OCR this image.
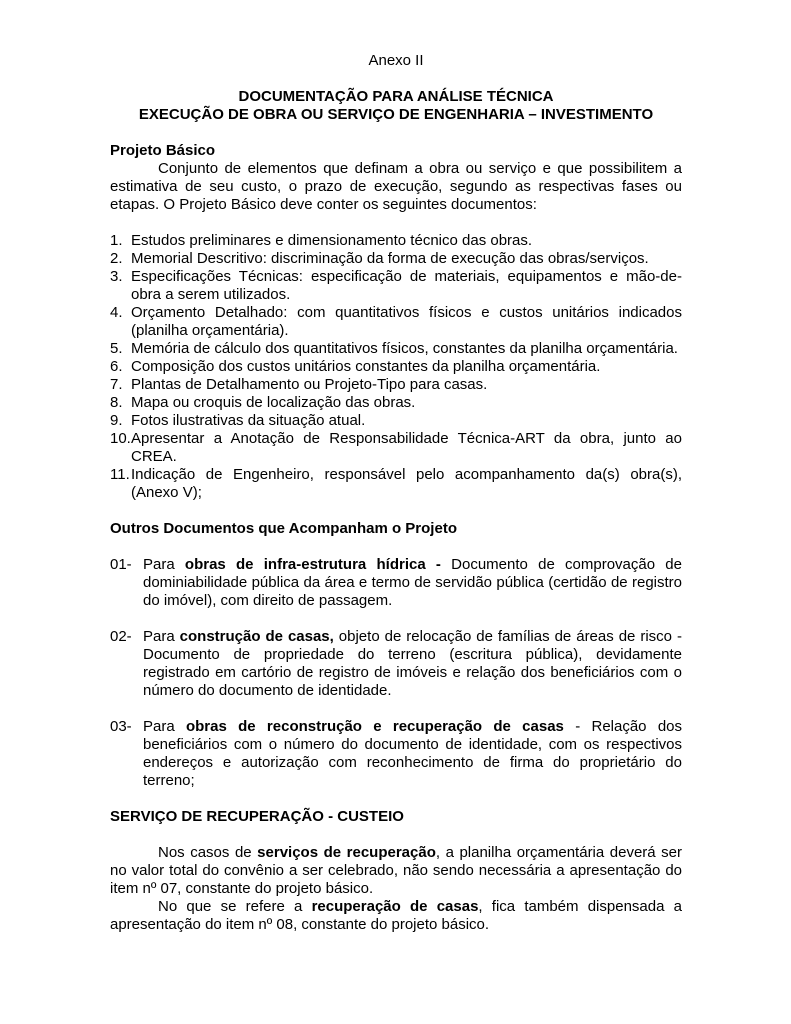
Anexo II
DOCUMENTAÇÃO PARA ANÁLISE TÉCNICA
EXECUÇÃO DE OBRA OU SERVIÇO DE ENGENHARIA – INVESTIMENTO
Projeto Básico
Conjunto de elementos que definam a obra ou serviço e que possibilitem a estimativa de seu custo, o prazo de execução, segundo as respectivas fases ou etapas. O Projeto Básico deve conter os seguintes documentos:
1. Estudos preliminares e dimensionamento técnico das obras.
2. Memorial Descritivo: discriminação da forma de execução das obras/serviços.
3. Especificações Técnicas: especificação de materiais, equipamentos e mão-de-obra a serem utilizados.
4. Orçamento Detalhado: com quantitativos físicos e custos unitários indicados (planilha orçamentária).
5. Memória de cálculo dos quantitativos físicos, constantes da planilha orçamentária.
6. Composição dos custos unitários constantes da planilha orçamentária.
7. Plantas de Detalhamento ou Projeto-Tipo para casas.
8. Mapa ou croquis de localização das obras.
9. Fotos ilustrativas da situação atual.
10. Apresentar a Anotação de Responsabilidade Técnica-ART da obra, junto ao CREA.
11. Indicação de Engenheiro, responsável pelo acompanhamento da(s) obra(s), (Anexo V);
Outros Documentos que Acompanham o Projeto
01- Para obras de infra-estrutura hídrica - Documento de comprovação de dominiabilidade pública da área e termo de servidão pública (certidão de registro do imóvel), com direito de passagem.
02- Para construção de casas, objeto de relocação de famílias de áreas de risco - Documento de propriedade do terreno (escritura pública), devidamente registrado em cartório de registro de imóveis e relação dos beneficiários com o número do documento de identidade.
03- Para obras de reconstrução e recuperação de casas - Relação dos beneficiários com o número do documento de identidade, com os respectivos endereços e autorização com reconhecimento de firma do proprietário do terreno;
SERVIÇO DE RECUPERAÇÃO - CUSTEIO
Nos casos de serviços de recuperação, a planilha orçamentária deverá ser no valor total do convênio a ser celebrado, não sendo necessária a apresentação do item nº 07, constante do projeto básico.
No que se refere a recuperação de casas, fica também dispensada a apresentação do item nº 08, constante do projeto básico.
